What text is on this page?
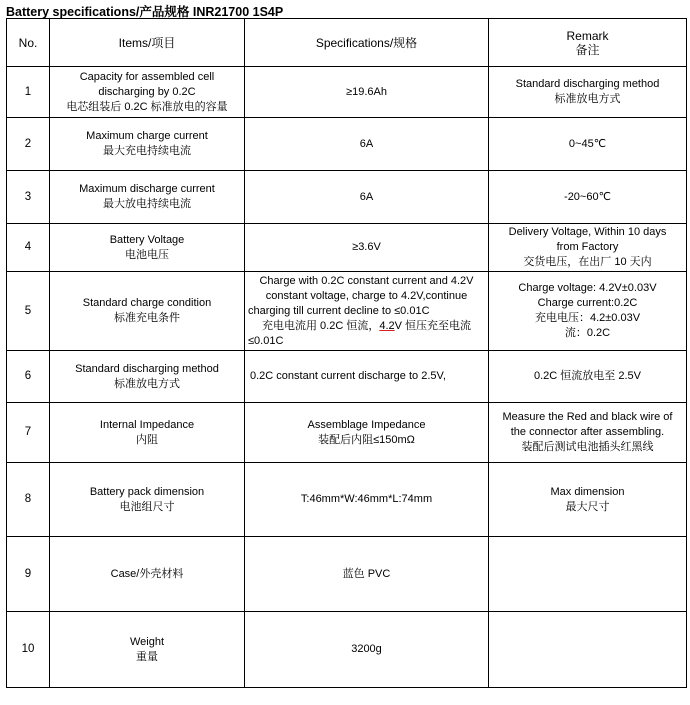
Battery specifications/产品规格 INR21700 1S4P
No.	Items/项目	Specifications/规格	Remark
备注

1	Capacity for assembled cell
discharging by 0.2C
电芯组装后 0.2C 标准放电的容量	≥19.6Ah	Standard discharging method
标准放电方式

2	Maximum charge current
最大充电持续电流	6A	0~45℃

3	Maximum discharge current
最大放电持续电流	6A	-20~60℃

4	Battery Voltage
电池电压	≥3.6V	Delivery Voltage, Within 10 days
from Factory
交货电压，在出厂 10 天内

5	Standard charge condition
标准充电条件	Charge with 0.2C constant current and 4.2V constant voltage, charge to 4.2V,continue charging till current decline to ≤0.01C
充电电流用 0.2C 恒流，4.2V 恒压充至电流≤0.01C	Charge voltage: 4.2V±0.03V
Charge current:0.2C
充电电压：4.2±0.03V
流：0.2C

6	Standard discharging method
标准放电方式	0.2C constant current discharge to 2.5V,	0.2C 恒流放电至 2.5V

7	Internal Impedance
内阻	Assemblage Impedance
装配后内阻≤150mΩ	Measure the Red and black wire of
the connector after assembling.
装配后测试电池插头红黑线

8	Battery pack dimension
电池组尺寸	T:46mm*W:46mm*L:74mm	Max dimension
最大尺寸

9	Case/外壳材料	蓝色 PVC	
10	Weight
重量	3200g	
